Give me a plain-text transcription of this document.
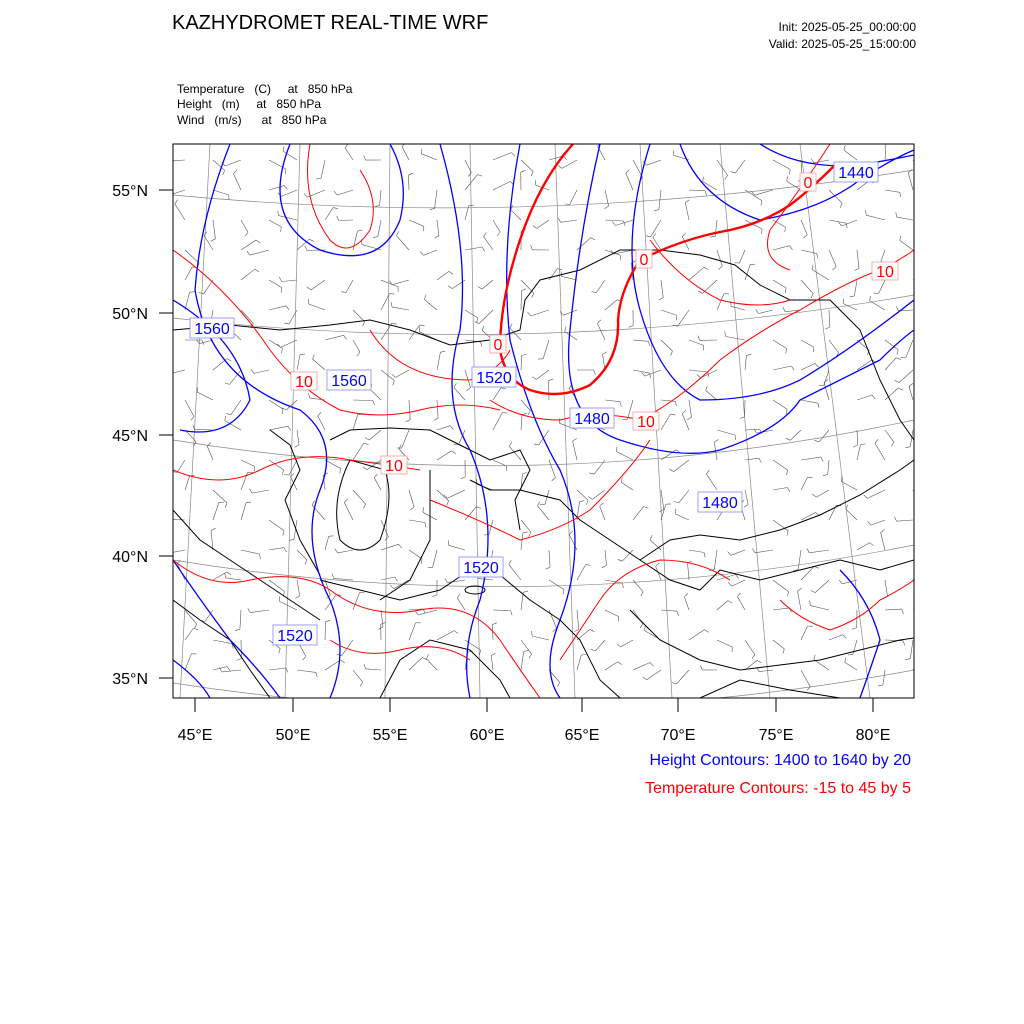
KAZHYDROMET REAL-TIME WRF	Init: 2025-05-25_00:00:00
Valid: 2025-05-25_15:00:00
Temperature   (C)     at   850 hPa
Height   (m)     at   850 hPa
Wind   (m/s)      at   850 hPa
1440
1560
1560	1520
1480
1480
1520
1520
0
10
0
0
10
10
10
45°E	50°E	55°E	60°E	65°E	70°E	75°E	80°E
55°N
50°N
45°N
40°N
35°N
Height Contours: 1400 to 1640 by 20
Temperature Contours: -15 to 45 by 5
